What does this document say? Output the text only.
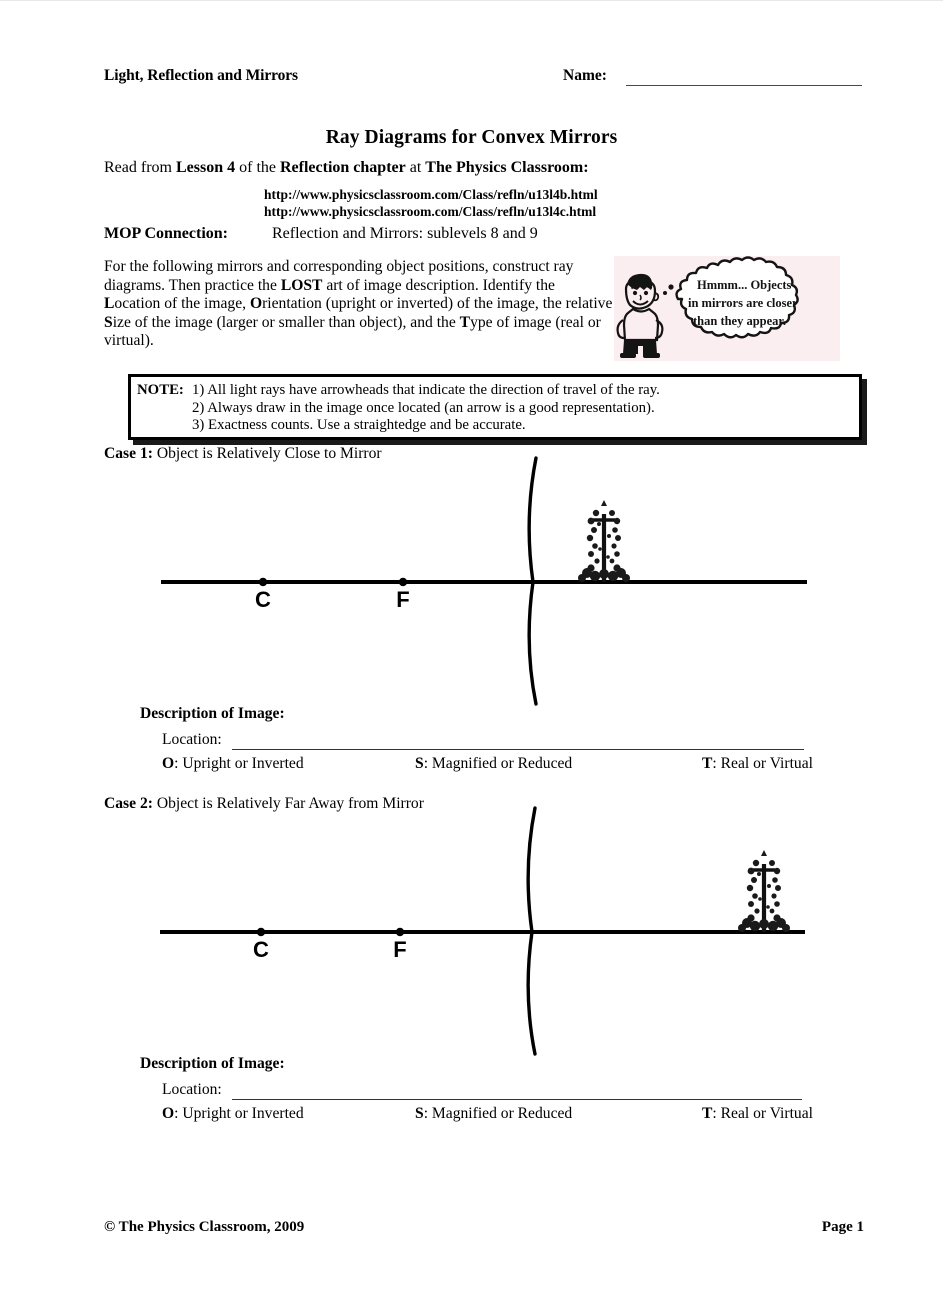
Light, Reflection and Mirrors	Name:
Ray Diagrams for Convex Mirrors
Read from Lesson 4 of the Reflection chapter at The Physics Classroom:
http://www.physicsclassroom.com/Class/refln/u13l4b.html
http://www.physicsclassroom.com/Class/refln/u13l4c.html
MOP Connection:	Reflection and Mirrors: sublevels 8 and 9
For the following mirrors and corresponding object positions, construct ray diagrams. Then practice the LOST art of image description. Identify the Location of the image, Orientation (upright or inverted) of the image, the relative Size of the image (larger or smaller than object), and the Type of image (real or virtual).
Hmmm... Objects
in mirrors are closer
than they appear.
NOTE: 1) All light rays have arrowheads that indicate the direction of travel of the ray.
2) Always draw in the image once located (an arrow is a good representation).
3) Exactness counts. Use a straightedge and be accurate.
Case 1: Object is Relatively Close to Mirror
C	F
Description of Image:
Location:
O: Upright or Inverted	S: Magnified or Reduced	T: Real or Virtual
Case 2: Object is Relatively Far Away from Mirror
C	F
Description of Image:
Location:
O: Upright or Inverted	S: Magnified or Reduced	T: Real or Virtual
© The Physics Classroom, 2009	Page 1
